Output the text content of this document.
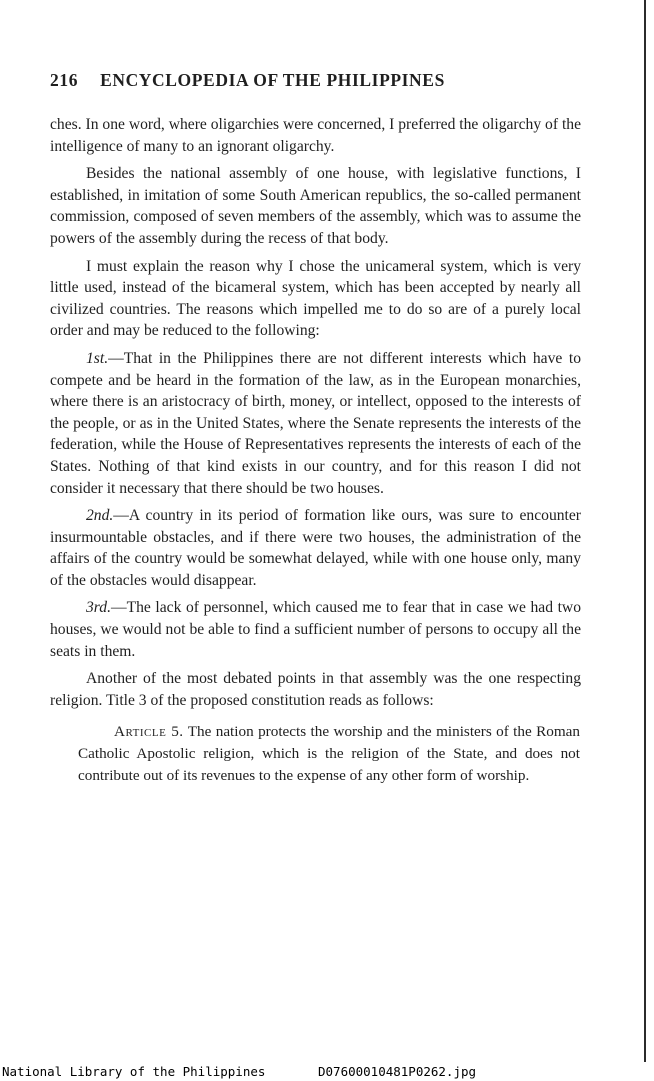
216 ENCYCLOPEDIA OF THE PHILIPPINES

ches. In one word, where oligarchies were concerned, I preferred the oligarchy of the intelligence of many to an ignorant oligarchy.

Besides the national assembly of one house, with legislative functions, I established, in imitation of some South American republics, the so-called permanent commission, composed of seven members of the assembly, which was to assume the powers of the assembly during the recess of that body.

I must explain the reason why I chose the unicameral system, which is very little used, instead of the bicameral system, which has been accepted by nearly all civilized countries. The reasons which impelled me to do so are of a purely local order and may be reduced to the following:

1st.—That in the Philippines there are not different interests which have to compete and be heard in the formation of the law, as in the European monarchies, where there is an aristocracy of birth, money, or intellect, opposed to the interests of the people, or as in the United States, where the Senate represents the interests of the federation, while the House of Representatives represents the interests of each of the States. Nothing of that kind exists in our country, and for this reason I did not consider it necessary that there should be two houses.

2nd.—A country in its period of formation like ours, was sure to encounter insurmountable obstacles, and if there were two houses, the administration of the affairs of the country would be somewhat delayed, while with one house only, many of the obstacles would disappear.

3rd.—The lack of personnel, which caused me to fear that in case we had two houses, we would not be able to find a sufficient number of persons to occupy all the seats in them.

Another of the most debated points in that assembly was the one respecting religion. Title 3 of the proposed constitution reads as follows:

Article 5. The nation protects the worship and the ministers of the Roman Catholic Apostolic religion, which is the religion of the State, and does not contribute out of its revenues to the expense of any other form of worship.

National Library of the Philippines	D07600010481P0262.jpg
